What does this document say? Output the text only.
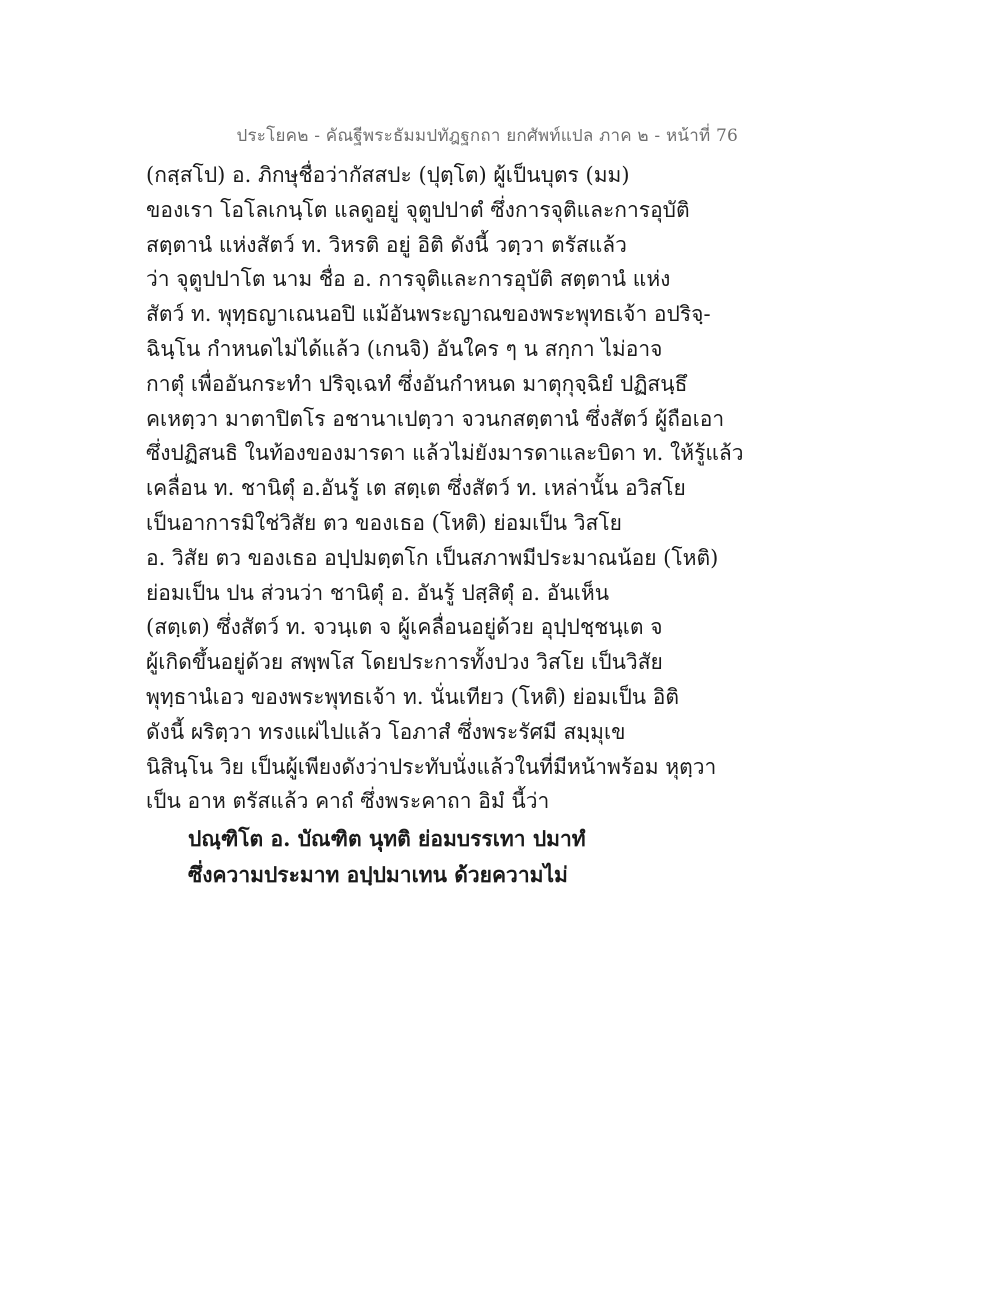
ประโยค๒ - คัณฐีพระธัมมปทัฎฐกถา ยกศัพท์แปล ภาค ๒ - หน้าที่ 76
(กสฺสโป) อ. ภิกษุชื่อว่ากัสสปะ (ปุตฺโต) ผู้เป็นบุตร (มม)
ของเรา โอโลเกนฺโต แลดูอยู่ จุตูปปาตํ ซึ่งการจุติและการอุบัติ
สตฺตานํ แห่งสัตว์ ท. วิหรติ อยู่ อิติ ดังนี้ วตฺวา ตรัสแล้ว
ว่า จุตูปปาโต นาม ชื่อ อ. การจุติและการอุบัติ สตฺตานํ แห่ง
สัตว์ ท. พุทฺธญาเณนอปิ แม้อันพระญาณของพระพุทธเจ้า อปริจฺ-
ฉินฺโน กำหนดไม่ได้แล้ว (เกนจิ) อันใคร ๆ น สกฺกา ไม่อาจ
กาตุํ เพื่ออันกระทำ ปริจฺเฉทํ ซึ่งอันกำหนด มาตุกุจฺฉิยํ ปฏิสนฺธึ
คเหตฺวา มาตาปิตโร อชานาเปตฺวา จวนกสตฺตานํ ซึ่งสัตว์ ผู้ถือเอา
ซึ่งปฏิสนธิ ในท้องของมารดา แล้วไม่ยังมารดาและบิดา ท. ให้รู้แล้ว
เคลื่อน ท. ชานิตุํ อ.อันรู้ เต สตฺเต ซึ่งสัตว์ ท. เหล่านั้น อวิสโย
เป็นอาการมิใช่วิสัย ตว ของเธอ (โหติ) ย่อมเป็น วิสโย
อ. วิสัย ตว ของเธอ อปฺปมตฺตโก เป็นสภาพมีประมาณน้อย (โหติ)
ย่อมเป็น ปน ส่วนว่า ชานิตุํ อ. อันรู้ ปสฺสิตุํ อ. อันเห็น
(สตฺเต) ซึ่งสัตว์ ท. จวนฺเต จ ผู้เคลื่อนอยู่ด้วย อุปฺปชฺชนฺเต จ
ผู้เกิดขึ้นอยู่ด้วย สพฺพโส โดยประการทั้งปวง วิสโย เป็นวิสัย
พุทฺธานํเอว ของพระพุทธเจ้า ท. นั่นเทียว (โหติ) ย่อมเป็น อิติ
ดังนี้ ผริตฺวา ทรงแผ่ไปแล้ว โอภาสํ ซึ่งพระรัศมี สมฺมุเข
นิสินฺโน วิย เป็นผู้เพียงดังว่าประทับนั่งแล้วในที่มีหน้าพร้อม หุตฺวา
เป็น อาห ตรัสแล้ว คาถํ ซึ่งพระคาถา อิมํ นี้ว่า
ปณฺฑิโต อ. บัณฑิต นุทติ ย่อมบรรเทา ปมาทํ
ซึ่งความประมาท อปฺปมาเทน ด้วยความไม่
